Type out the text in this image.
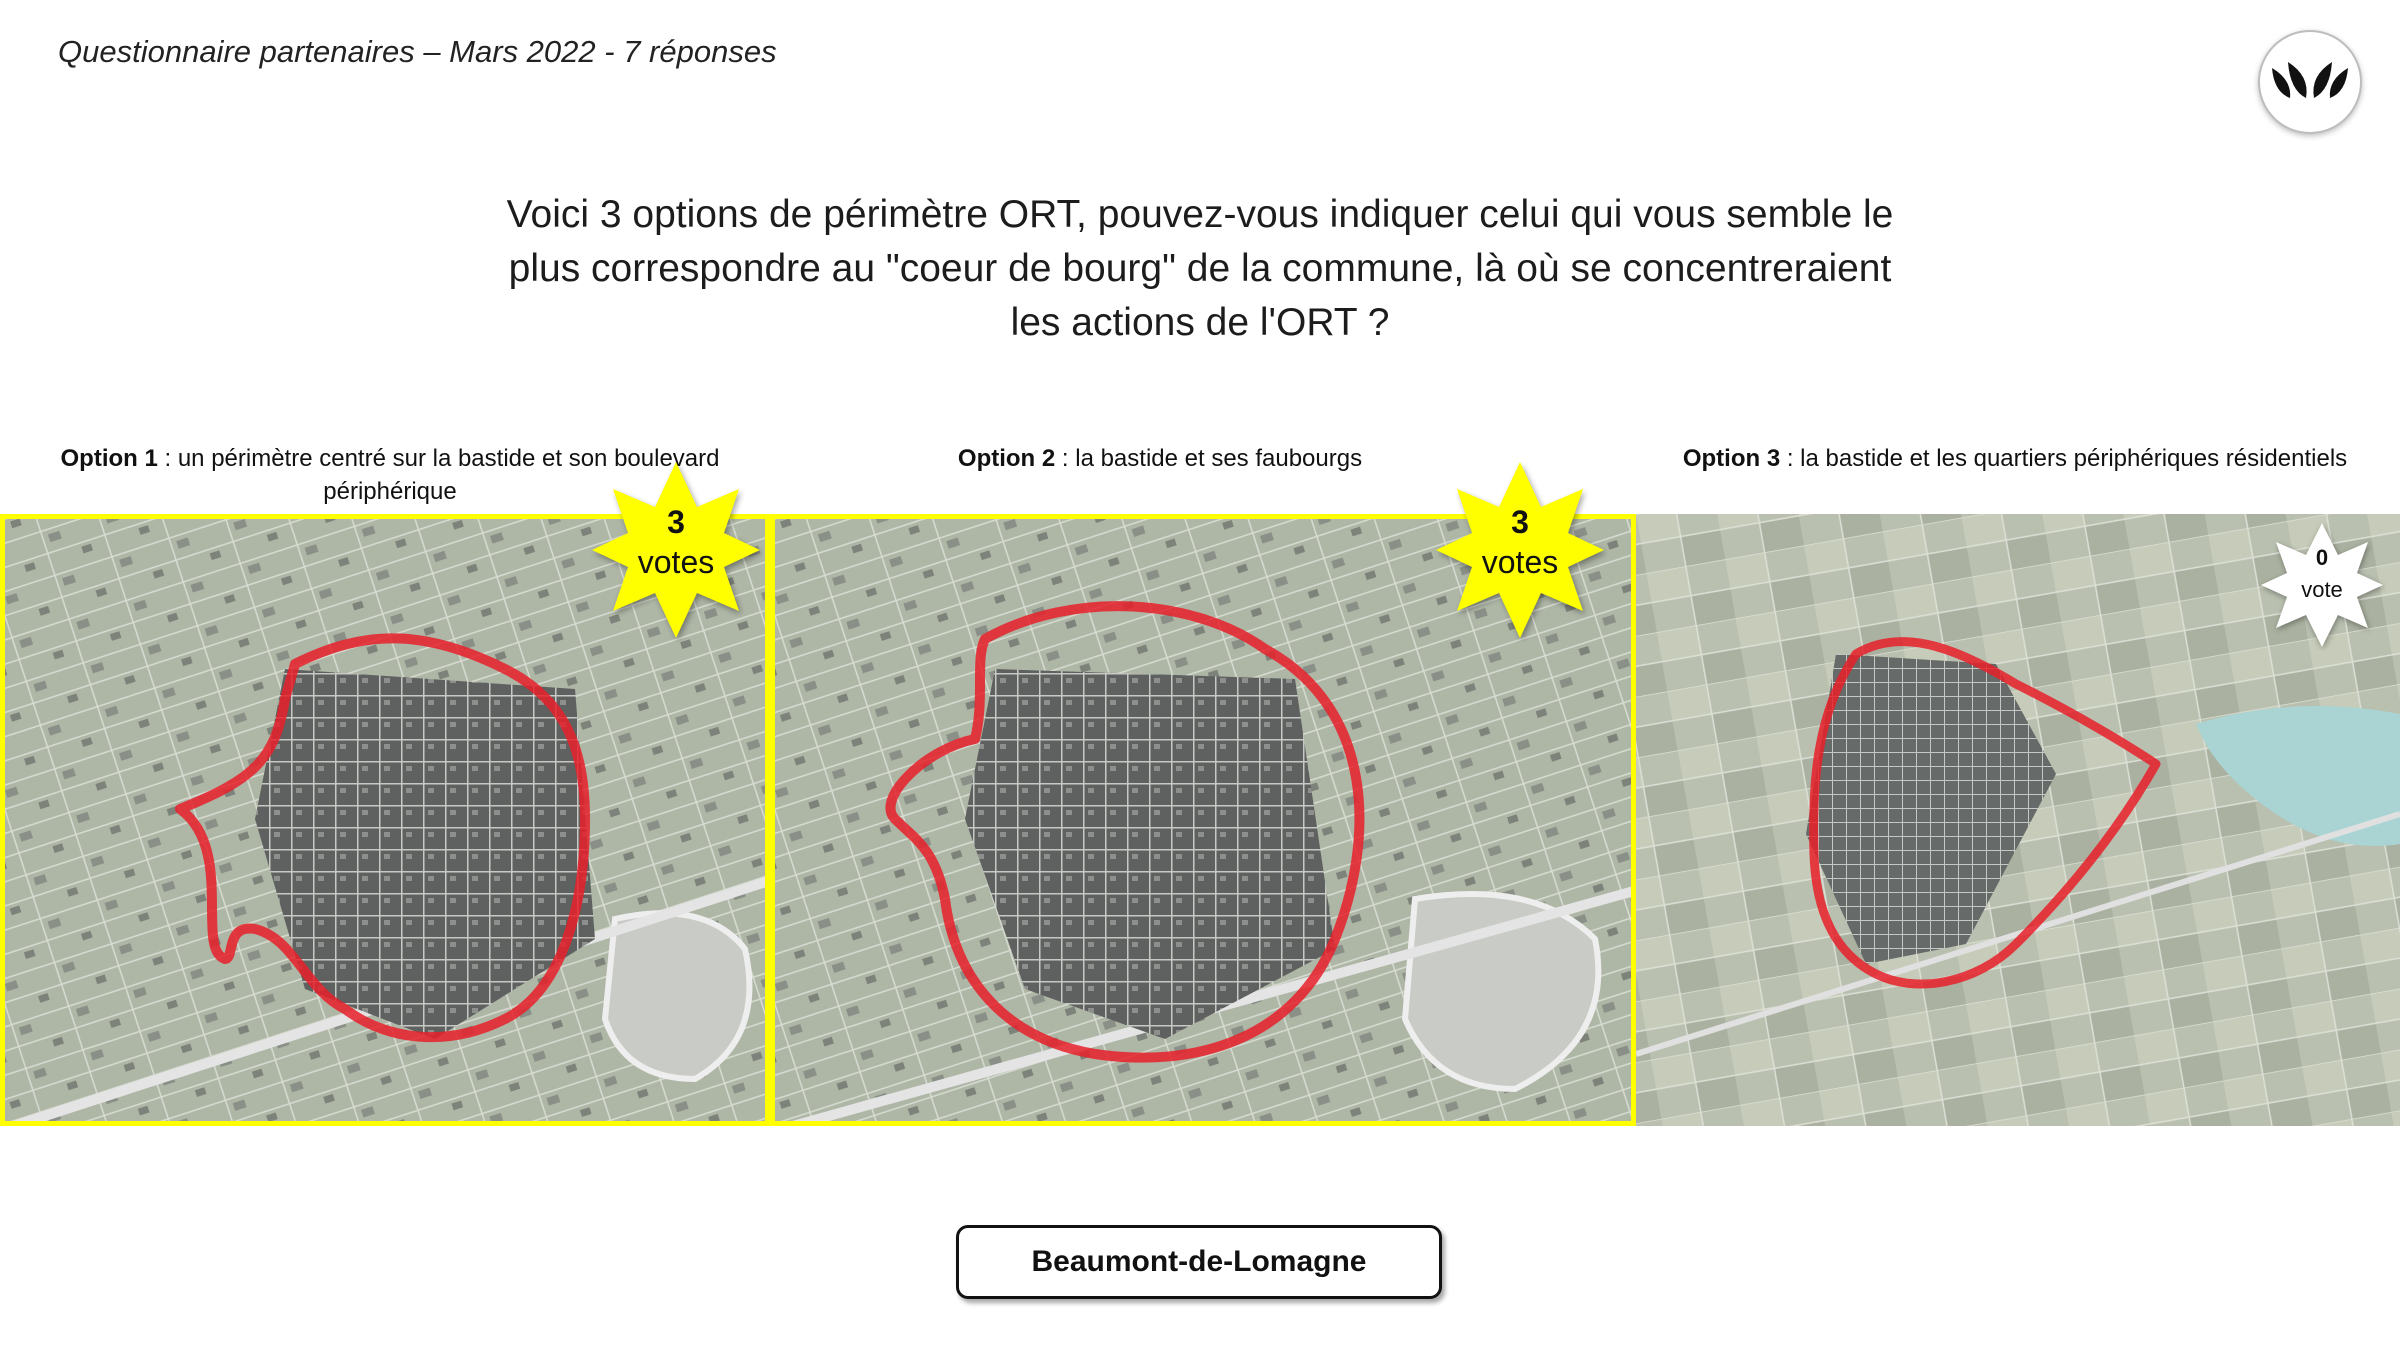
Questionnaire partenaires – Mars 2022 - 7 réponses
Voici 3 options de périmètre ORT, pouvez-vous indiquer celui qui vous semble le
plus correspondre au "coeur de bourg" de la commune, là où se concentreraient
les actions de l'ORT ?
Option 1 : un périmètre centré sur la bastide et son boulevard
périphérique
Option 2 : la bastide et ses faubourgs	Option 3 : la bastide et les quartiers périphériques résidentiels
3
votes
3
votes	0
vote
Beaumont-de-Lomagne
